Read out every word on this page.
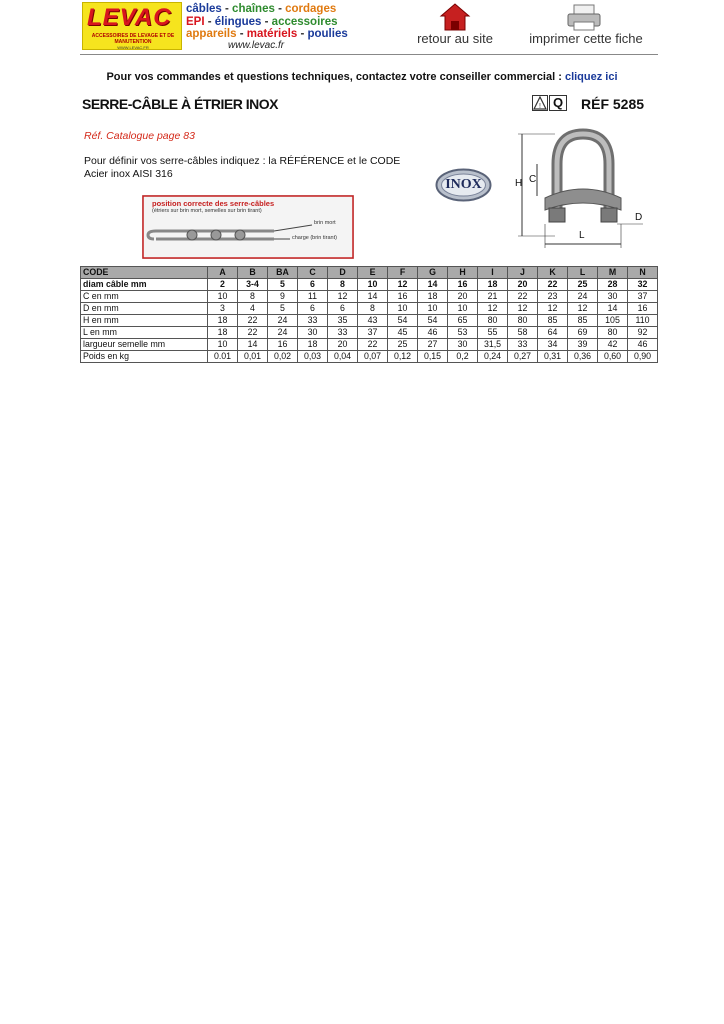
LEVAC
ACCESSOIRES DE LEVAGE ET DE MANUTENTION
WWW.LEVAC.FR
câbles - chaînes - cordages
EPI - élingues - accessoires
appareils - matériels - poulies
www.levac.fr	retour au site	imprimer cette fiche
Pour vos commandes et questions techniques, contactez votre conseiller commercial : cliquez ici
SERRE-CÂBLE À ÉTRIER INOX	! Q RÉF 5285
Réf. Catalogue page 83
Pour définir vos serre-câbles indiquez : la RÉFÉRENCE et le CODE
Acier inox AISI 316
INOX	H C
D
L
position correcte des serre-câbles
(étriers sur brin mort, semelles sur brin tirant)
brin mort
charge (brin tirant)
CODE	A	B	BA	C	D	E	F	G	H	I	J	K	L	M	N
diam câble mm	2	3-4	5	6	8	10	12	14	16	18	20	22	25	28	32
C en mm	10	8	9	11	12	14	16	18	20	21	22	23	24	30	37
D en mm	3	4	5	6	6	8	10	10	10	12	12	12	12	14	16
H en mm	18	22	24	33	35	43	54	54	65	80	80	85	85	105	110
L en mm	18	22	24	30	33	37	45	46	53	55	58	64	69	80	92
largueur semelle mm	10	14	16	18	20	22	25	27	30	31,5	33	34	39	42	46
Poids en kg	0.01	0,01	0,02	0,03	0,04	0,07	0,12	0,15	0,2	0,24	0,27	0,31	0,36	0,60	0,90
